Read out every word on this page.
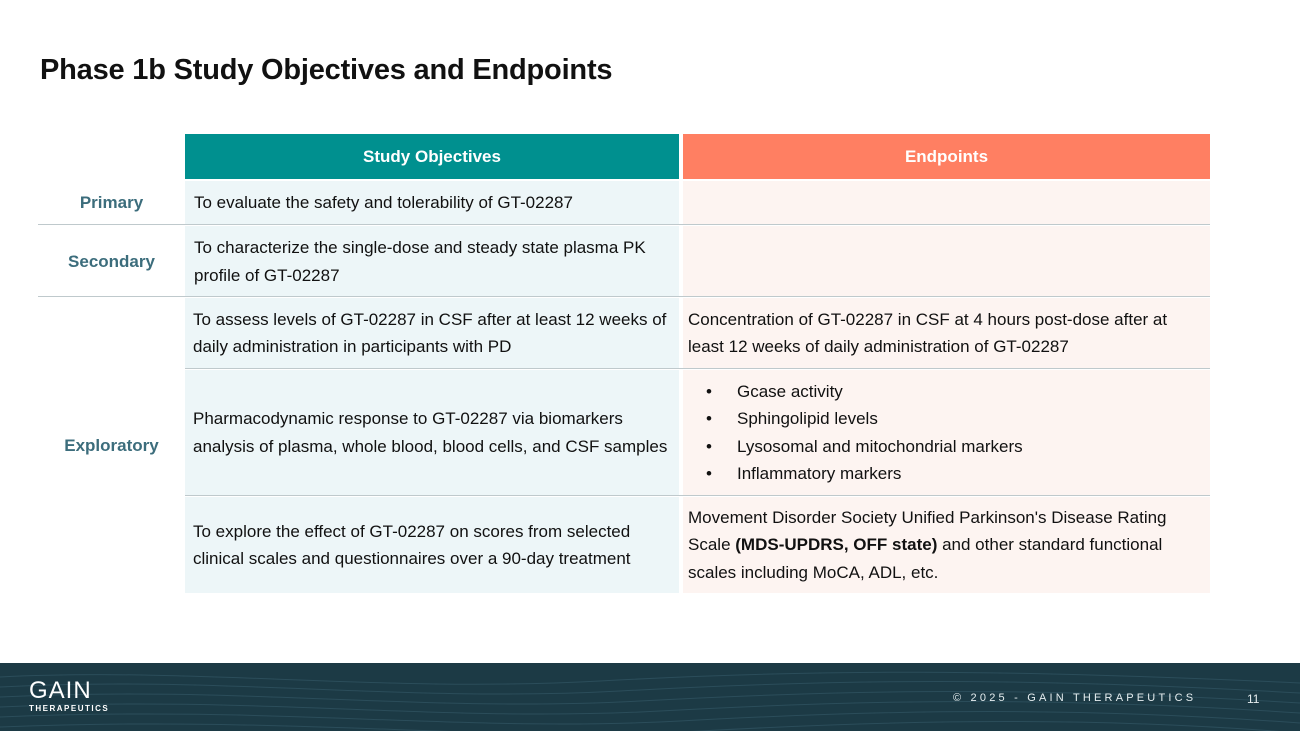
Phase 1b Study Objectives and Endpoints
Study Objectives	Endpoints
Primary
Secondary
Exploratory
To evaluate the safety and tolerability of GT-02287
To characterize the single-dose and steady state plasma PK profile of GT-02287
To assess levels of GT-02287 in CSF after at least 12 weeks of daily administration in participants with PD
Concentration of GT-02287 in CSF at 4 hours post-dose after at least 12 weeks of daily administration of GT-02287
Pharmacodynamic response to GT-02287 via biomarkers analysis of plasma, whole blood, blood cells, and CSF samples
• Gcase activity
• Sphingolipid levels
• Lysosomal and mitochondrial markers
• Inflammatory markers
To explore the effect of GT-02287 on scores from selected clinical scales and questionnaires over a 90-day treatment
Movement Disorder Society Unified Parkinson's Disease Rating Scale (MDS-UPDRS, OFF state) and other standard functional scales including MoCA, ADL, etc.
GAIN
THERAPEUTICS
© 2025 - GAIN THERAPEUTICS	11
